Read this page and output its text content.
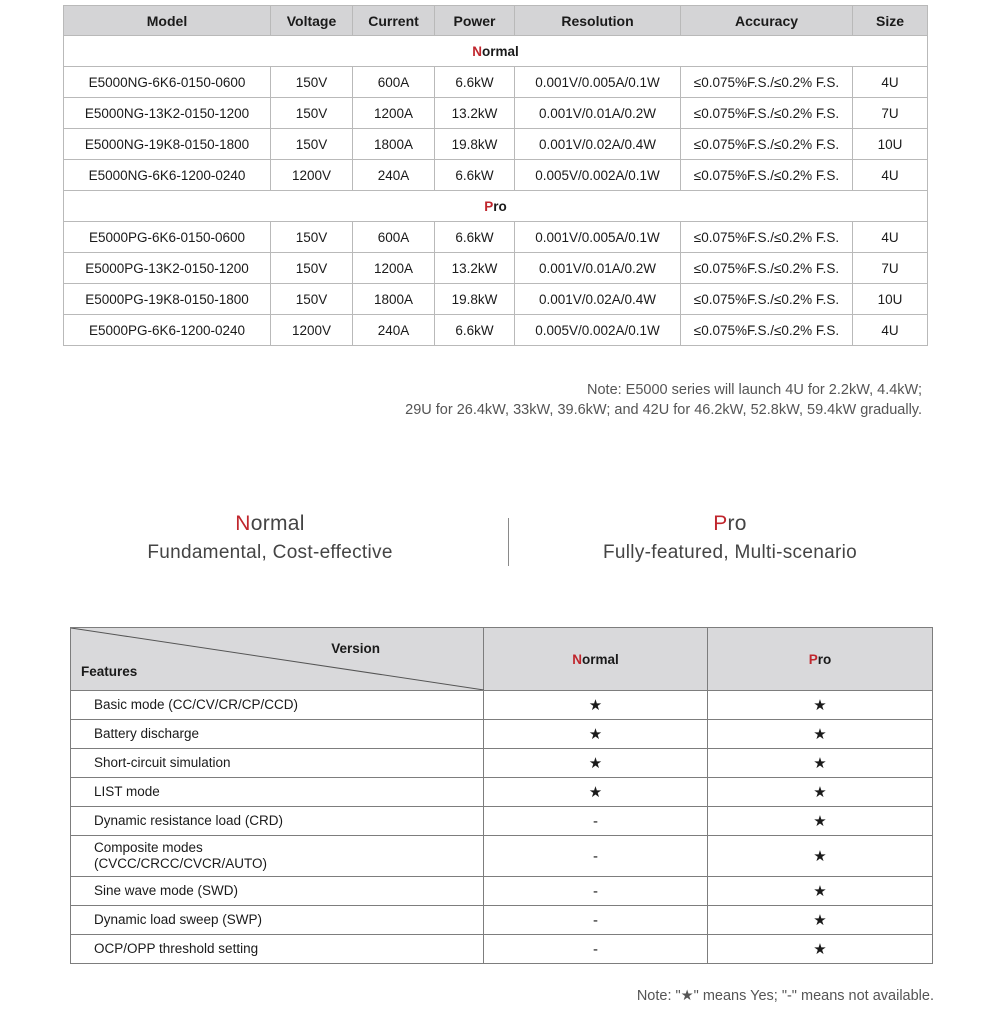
Model	Voltage	Current	Power	Resolution	Accuracy	Size
Normal						
E5000NG-6K6-0150-0600	150V	600A	6.6kW	0.001V/0.005A/0.1W	≤0.075%F.S./≤0.2% F.S.	4U
E5000NG-13K2-0150-1200	150V	1200A	13.2kW	0.001V/0.01A/0.2W	≤0.075%F.S./≤0.2% F.S.	7U
E5000NG-19K8-0150-1800	150V	1800A	19.8kW	0.001V/0.02A/0.4W	≤0.075%F.S./≤0.2% F.S.	10U
E5000NG-6K6-1200-0240	1200V	240A	6.6kW	0.005V/0.002A/0.1W	≤0.075%F.S./≤0.2% F.S.	4U
Pro						
E5000PG-6K6-0150-0600	150V	600A	6.6kW	0.001V/0.005A/0.1W	≤0.075%F.S./≤0.2% F.S.	4U
E5000PG-13K2-0150-1200	150V	1200A	13.2kW	0.001V/0.01A/0.2W	≤0.075%F.S./≤0.2% F.S.	7U
E5000PG-19K8-0150-1800	150V	1800A	19.8kW	0.001V/0.02A/0.4W	≤0.075%F.S./≤0.2% F.S.	10U
E5000PG-6K6-1200-0240	1200V	240A	6.6kW	0.005V/0.002A/0.1W	≤0.075%F.S./≤0.2% F.S.	4U
Note: E5000 series will launch 4U for 2.2kW, 4.4kW;
29U for 26.4kW, 33kW, 39.6kW; and 42U for 46.2kW, 52.8kW, 59.4kW gradually.
Normal
Fundamental, Cost-effective
Pro
Fully-featured, Multi-scenario
Version
Features	Normal	Pro
Basic mode (CC/CV/CR/CP/CCD)	★	★
Battery discharge	★	★
Short-circuit simulation	★	★
LIST mode	★	★
Dynamic resistance load (CRD)	-	★
Composite modes
(CVCC/CRCC/CVCR/AUTO)	-	★
Sine wave mode (SWD)	-	★
Dynamic load sweep (SWP)	-	★
OCP/OPP threshold setting	-	★
Note: "★" means Yes; "-" means not available.
